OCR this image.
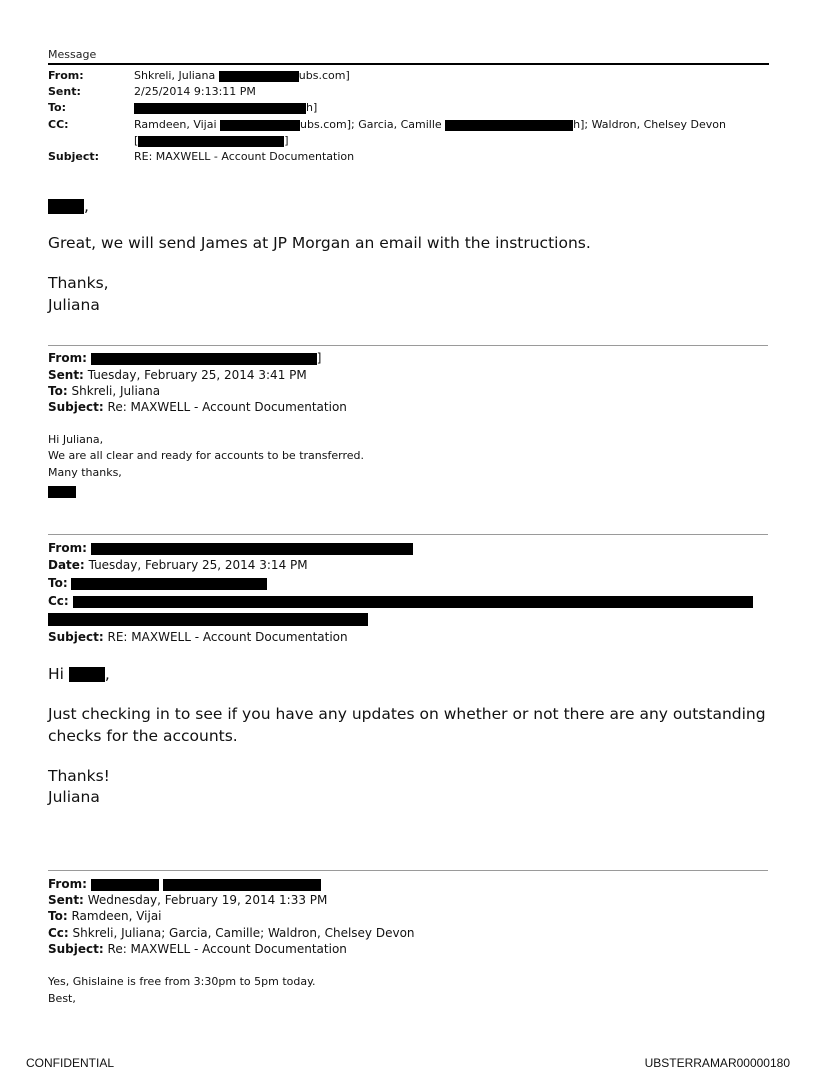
Message
From:	Shkreli, Juliana	ubs.com]
Sent:	2/25/2014 9:13:11 PM
To:	h]
CC:	Ramdeen, Vijai	ubs.com]; Garcia, Camille	h]; Waldron, Chelsey Devon
[	]
Subject:	RE: MAXWELL - Account Documentation
,
Great, we will send James at JP Morgan an email with the instructions.
Thanks,
Juliana
From:	]
Sent: Tuesday, February 25, 2014 3:41 PM
To: Shkreli, Juliana
Subject: Re: MAXWELL - Account Documentation
Hi Juliana,
We are all clear and ready for accounts to be transferred.
Many thanks,
From:
Date: Tuesday, February 25, 2014 3:14 PM
To:
Cc:
Subject: RE: MAXWELL - Account Documentation
Hi	,
Just checking in to see if you have any updates on whether or not there are any outstanding
checks for the accounts.
Thanks!
Juliana
From:
Sent: Wednesday, February 19, 2014 1:33 PM
To: Ramdeen, Vijai
Cc: Shkreli, Juliana; Garcia, Camille; Waldron, Chelsey Devon
Subject: Re: MAXWELL - Account Documentation
Yes, Ghislaine is free from 3:30pm to 5pm today.
Best,
CONFIDENTIAL	UBSTERRAMAR00000180
